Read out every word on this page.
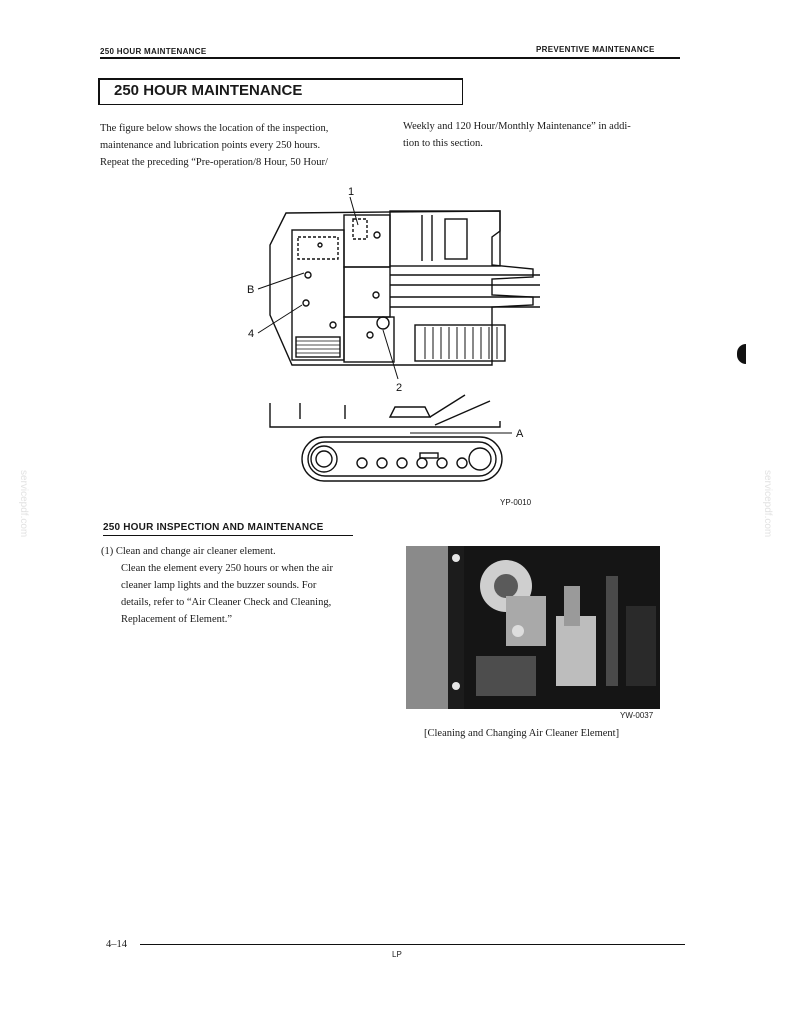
250 HOUR MAINTENANCE	PREVENTIVE MAINTENANCE
250 HOUR MAINTENANCE
The figure below shows the location of the inspection,
maintenance and lubrication points every 250 hours.
Repeat the preceding “Pre-operation/8 Hour, 50 Hour/
Weekly and 120 Hour/Monthly Maintenance” in addi-
tion to this section.
1
B
4
2
A
YP-0010
250 HOUR INSPECTION AND MAINTENANCE
(1) Clean and change air cleaner element.
Clean the element every 250 hours or when the air
cleaner lamp lights and the buzzer sounds. For
details, refer to “Air Cleaner Check and Cleaning,
Replacement of Element.”
YW-0037
[Cleaning and Changing Air Cleaner Element]
servicepdf.com	servicepdf.com
4–14
LP
